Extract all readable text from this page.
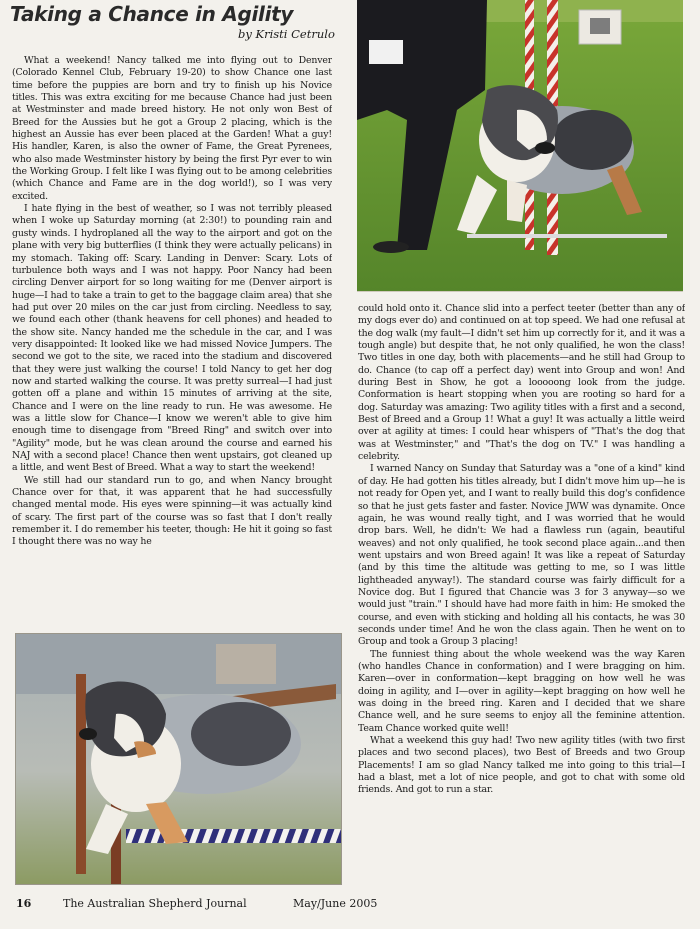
Taking a Chance in Agility
by Kristi Cetrulo

What a weekend! Nancy talked me into flying out to Denver (Colorado Kennel Club, February 19-20) to show Chance one last time before the puppies are born and try to finish up his Novice titles. This was extra exciting for me because Chance had just been at Westminster and made breed history. He not only won Best of Breed for the Aussies but he got a Group 2 placing, which is the highest an Aussie has ever been placed at the Garden! What a guy! His handler, Karen, is also the owner of Fame, the Great Pyrenees, who also made Westminster history by being the first Pyr ever to win the Working Group. I felt like I was flying out to be among celebrities (which Chance and Fame are in the dog world!), so I was very excited.

I hate flying in the best of weather, so I was not terribly pleased when I woke up Saturday morning (at 2:30!) to pounding rain and gusty winds. I hydroplaned all the way to the airport and got on the plane with very big butterflies (I think they were actually pelicans) in my stomach. Taking off: Scary. Landing in Denver: Scary. Lots of turbulence both ways and I was not happy. Poor Nancy had been circling Denver airport for so long waiting for me (Denver airport is huge—I had to take a train to get to the baggage claim area) that she had put over 20 miles on the car just from circling. Needless to say, we found each other (thank heavens for cell phones) and headed to the show site. Nancy handed me the schedule in the car, and I was very disappointed: It looked like we had missed Novice Jumpers. The second we got to the site, we raced into the stadium and discovered that they were just walking the course! I told Nancy to get her dog now and started walking the course. It was pretty surreal—I had just gotten off a plane and within 15 minutes of arriving at the site, Chance and I were on the line ready to run. He was awesome. He was a little slow for Chance—I know we weren't able to give him enough time to disengage from "Breed Ring" and switch over into "Agility" mode, but he was clean around the course and earned his NAJ with a second place! Chance then went upstairs, got cleaned up a little, and went Best of Breed. What a way to start the weekend!

We still had our standard run to go, and when Nancy brought Chance over for that, it was apparent that he had successfully changed mental mode. His eyes were spinning—it was actually kind of scary. The first part of the course was so fast that I don't really remember it. I do remember his teeter, though: He hit it going so fast I thought there was no way he

could hold onto it. Chance slid into a perfect teeter (better than any of my dogs ever do) and continued on at top speed. We had one refusal at the dog walk (my fault—I didn't set him up correctly for it, and it was a tough angle) but despite that, he not only qualified, he won the class! Two titles in one day, both with placements—and he still had Group to do. Chance (to cap off a perfect day) went into Group and won! And during Best in Show, he got a looooong look from the judge. Conformation is heart stopping when you are rooting so hard for a dog. Saturday was amazing: Two agility titles with a first and a second, Best of Breed and a Group 1! What a guy! It was actually a little weird over at agility at times: I could hear whispers of "That's the dog that was at Westminster," and "That's the dog on TV." I was handling a celebrity.

I warned Nancy on Sunday that Saturday was a "one of a kind" kind of day. He had gotten his titles already, but I didn't move him up—he is not ready for Open yet, and I want to really build this dog's confidence so that he just gets faster and faster. Novice JWW was dynamite. Once again, he was wound really tight, and I was worried that he would drop bars. Well, he didn't: We had a flawless run (again, beautiful weaves) and not only qualified, he took second place again...and then went upstairs and won Breed again! It was like a repeat of Saturday (and by this time the altitude was getting to me, so I was little lightheaded anyway!). The standard course was fairly difficult for a Novice dog. But I figured that Chancie was 3 for 3 anyway—so we would just "train." I should have had more faith in him: He smoked the course, and even with sticking and holding all his contacts, he was 30 seconds under time! And he won the class again. Then he went on to Group and took a Group 3 placing!

The funniest thing about the whole weekend was the way Karen (who handles Chance in conformation) and I were bragging on him. Karen—over in conformation—kept bragging on how well he was doing in agility, and I—over in agility—kept bragging on how well he was doing in the breed ring. Karen and I decided that we share Chance well, and he sure seems to enjoy all the feminine attention. Team Chance worked quite well!

What a weekend this guy had! Two new agility titles (with two first places and two second places), two Best of Breeds and two Group Placements! I am so glad Nancy talked me into going to this trial—I had a blast, met a lot of nice people, and got to chat with some old friends. And got to run a star.

16	The Australian Shepherd Journal	May/June 2005
